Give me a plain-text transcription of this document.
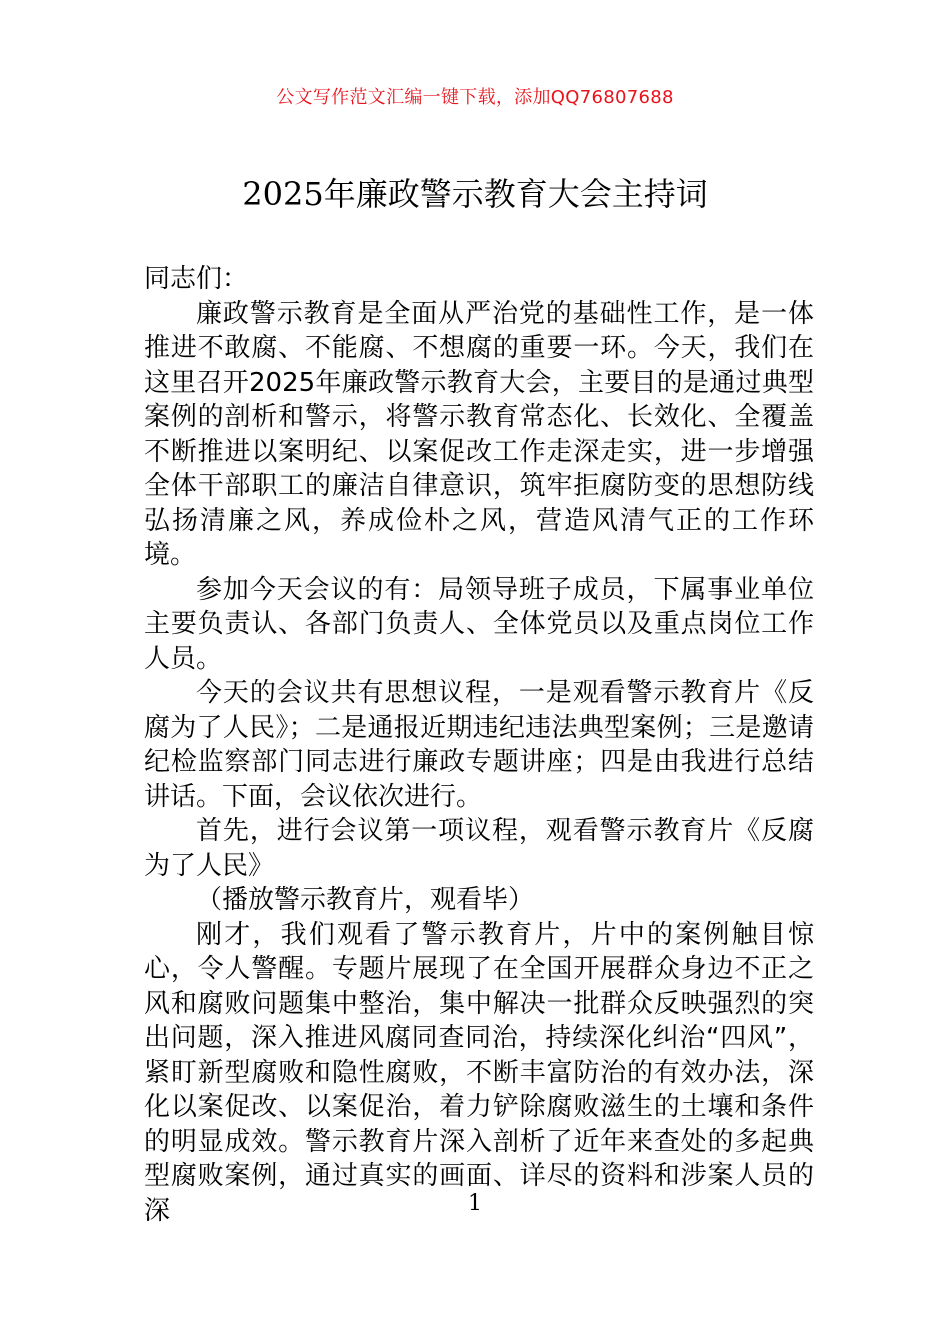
公文写作范文汇编一键下载，添加QQ76807688
2025年廉政警示教育大会主持词

同志们：

廉政警示教育是全面从严治党的基础性工作，是一体推进不敢腐、不能腐、不想腐的重要一环。今天，我们在这里召开2025年廉政警示教育大会，主要目的是通过典型案例的剖析和警示，将警示教育常态化、长效化、全覆盖不断推进以案明纪、以案促改工作走深走实，进一步增强全体干部职工的廉洁自律意识，筑牢拒腐防变的思想防线弘扬清廉之风，养成俭朴之风，营造风清气正的工作环境。

参加今天会议的有：局领导班子成员，下属事业单位主要负责认、各部门负责人、全体党员以及重点岗位工作人员。

今天的会议共有思想议程，一是观看警示教育片《反腐为了人民》；二是通报近期违纪违法典型案例；三是邀请纪检监察部门同志进行廉政专题讲座；四是由我进行总结讲话。下面，会议依次进行。

首先，进行会议第一项议程，观看警示教育片《反腐为了人民》

（播放警示教育片，观看毕）

刚才，我们观看了警示教育片，片中的案例触目惊心，令人警醒。专题片展现了在全国开展群众身边不正之风和腐败问题集中整治，集中解决一批群众反映强烈的突出问题，深入推进风腐同查同治，持续深化纠治“四风”，紧盯新型腐败和隐性腐败，不断丰富防治的有效办法，深化以案促改、以案促治，着力铲除腐败滋生的土壤和条件的明显成效。警示教育片深入剖析了近年来查处的多起典型腐败案例，通过真实的画面、详尽的资料和涉案人员的深	1
